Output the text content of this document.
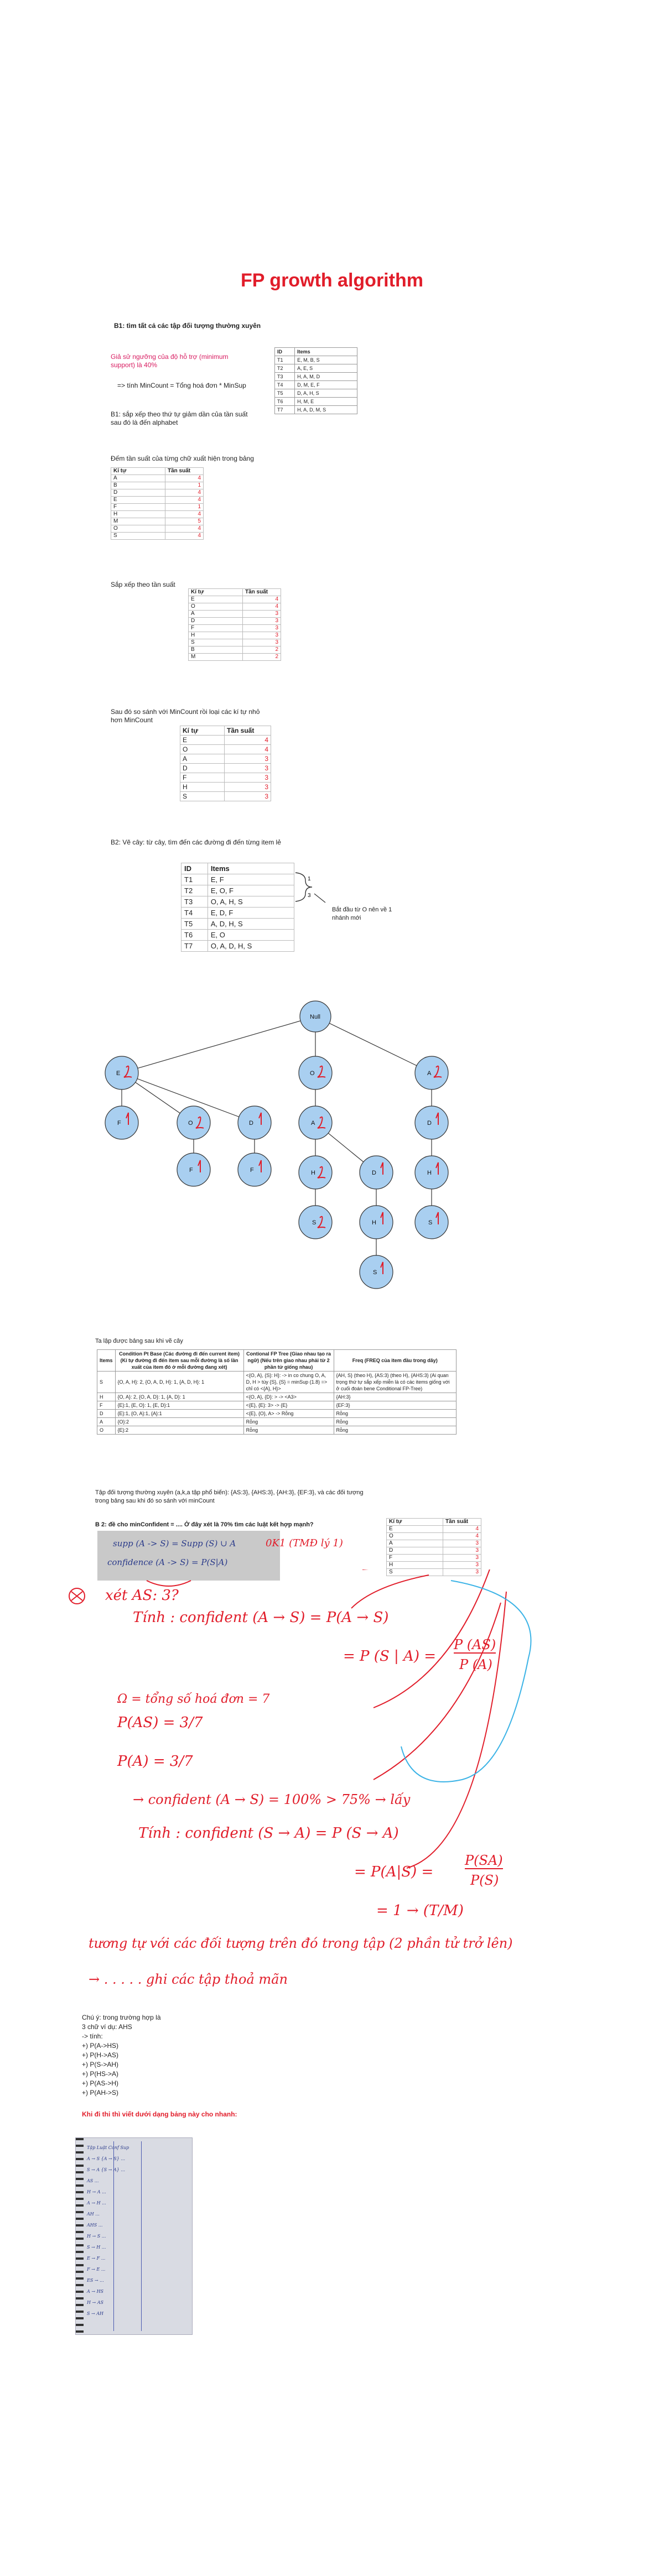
FP growth algorithm
B1: tìm tất cả các tập đối tượng thường xuyên
Giả sử ngưỡng của độ hỗ trợ (minimum support) là 40%
=> tính MinCount = Tổng hoá đơn * MinSup
B1: sắp xếp theo thứ tự giảm dần của tần suất sau đó là đến alphabet
Đếm tần suất của từng chữ xuất hiện trong bảng
ID	Items
T1	E, M, B, S
T2	A, E, S
T3	H, A, M, D
T4	D, M, E, F
T5	D, A, H, S
T6	H, M, E
T7	H, A, D, M, S
Kí tự	Tần suất
A	4
B	1
D	4
E	4
F	1
H	4
M	5
O	4
S	4
Sắp xếp theo tần suất
Kí tự	Tần suất
E	4
O	4
A	3
D	3
F	3
H	3
S	3
B	2
M	2
Sau đó so sánh với MinCount rồi loại các kí tự nhỏ hơn MinCount
Kí tự	Tần suất
E	4
O	4
A	3
D	3
F	3
H	3
S	3
B2: Vẽ cây: từ cây, tìm đến các đường đi đến từng item lẻ
ID	Items
T1	E, F
T2	E, O, F
T3	O, A, H, S
T4	E, D, F
T5	A, D, H, S
T6	E, O
T7	O, A, D, H, S
1
3
Bắt đầu từ O nên về 1 nhánh mới
Null
E	O	A
F	O	D
F	F
A
H	D
S	H
S
D
H
S
Ta lập được bảng sau khi vẽ cây
Items	Condition Pt Base (Các đường đi đến current item) (Kí tự đường đi đến item sau mỗi đường là số lần xuất của item đó ở mỗi đường đang xét)	Contional FP Tree (Giao nhau tạo ra ngữ) (Nếu trên giao nhau phải từ 2 phần tử giống nhau)	Freq (FREQ của item đầu trong dãy)
S	{O, A, H}: 2, {O, A, D, H}: 1, {A, D, H}: 1	<{O, A}, {S}: H}: -> in co chung O, A, D, H > tùy {S}, {S} = minSup (1.8) => chỉ có <{A}, H}>	{AH, S} (theo H), {AS:3} (theo H), {AHS:3} (Ai quan trọng thứ tự sắp xếp miễn là có các items giống với ở cuối đoán bene Conditional FP-Tree)
H	{O, A}: 2, {O, A, D}: 1, {A, D}: 1	<{O, A}, {D}: > -> <A3>	{AH:3}
F	{E}:1, {E, O}: 1, {E, D}:1	<{E}, {E}: 3> -> {E}	{EF:3}
D	{E}:1, {O, A}:1, {A}:1	<{E}, {O}, A> -> Rỗng	Rỗng
A	{O}:2	Rỗng	Rỗng
O	{E}:2	Rỗng	Rỗng
Tập đối tượng thường xuyên (a,k,a tập phổ biến): {AS:3}, {AHS:3}, {AH:3}, {EF:3}, và các đối tượng trong bảng sau khi đó so sánh với minCount
B 2: đề cho minConfident = .... Ở đây xét là 70% tìm các luật kết hợp mạnh?
supp (A -> S) = Supp (S) ∪ A
confidence (A -> S) = P(S|A)
0K1 (TMĐ lý 1)
Kí tự	Tần suất
E	4
O	4
A	3
D	3
F	3
H	3
S	3
xét AS: 3?
Tính : confident (A → S) = P(A → S)
= P (S | A) =
P (AS)
P (A)
Ω = tổng số hoá đơn = 7
P(AS) = 3/7
P(A) = 3/7
→ confident (A → S) = 100% > 75% → lấy
Tính : confident (S → A) = P (S → A)
= P(A|S) =
P(SA)
P(S)
= 1 → (T/M)
tương tự với các đối tượng trên đó trong tập (2 phần tử trở lên)
→ . . . . . ghi các tập thoả mãn
Chú ý: trong trường hợp là
3 chữ ví dụ: AHS
-> tính:
+) P(A->HS)
+) P(H->AS)
+) P(S->AH)
+) P(HS->A)
+) P(AS->H)
+) P(AH->S)
Khi đi thi thì viết dưới dạng bảng này cho nhanh:
Tập Luật Conf Sup
A → S {A → S} ...
S → A {S → A} ...
AS ...
H → A ...
A → H ...
AH ...
AHS ...
H → S ...
S → H ...
E → F ...
F → E ...
ES → ...
A → HS
H → AS
S → AH
